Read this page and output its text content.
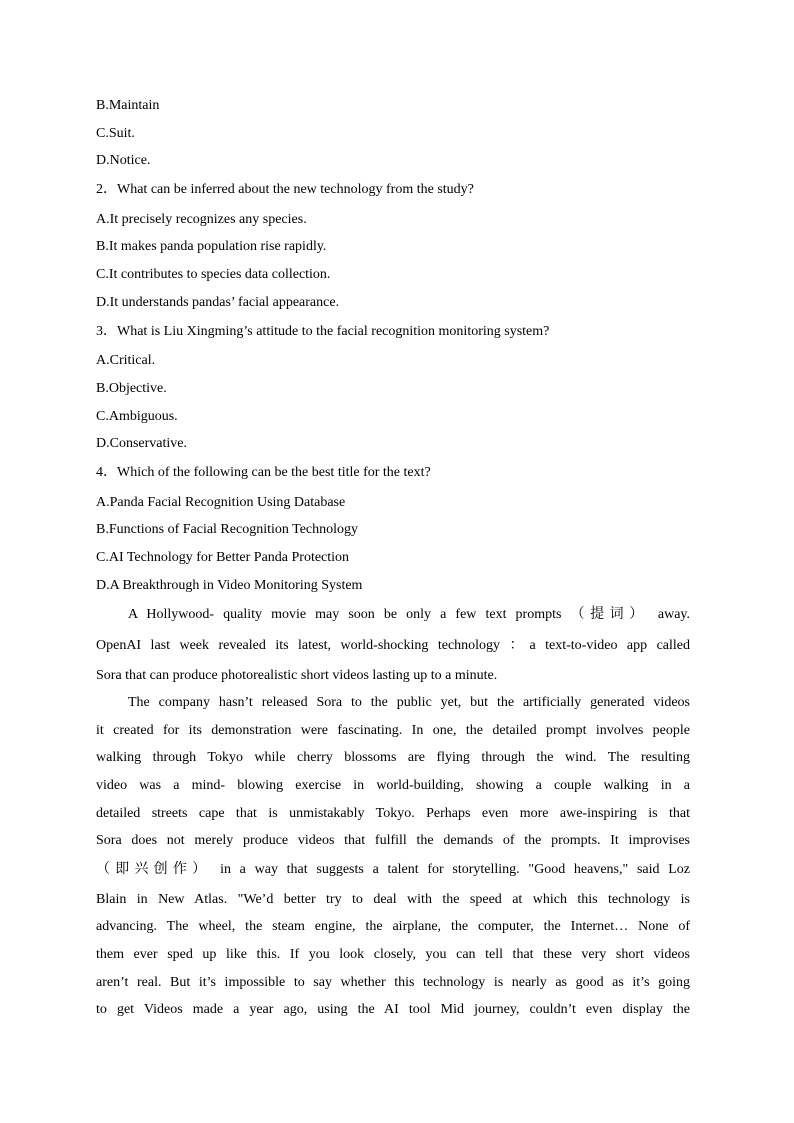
B.Maintain
C.Suit.
D.Notice.
2．What can be inferred about the new technology from the study?
A.It precisely recognizes any species.
B.It makes panda population rise rapidly.
C.It contributes to species data collection.
D.It understands pandas’ facial appearance.
3．What is Liu Xingming’s attitude to the facial recognition monitoring system?
A.Critical.
B.Objective.
C.Ambiguous.
D.Conservative.
4．Which of the following can be the best title for the text?
A.Panda Facial Recognition Using Database
B.Functions of Facial Recognition Technology
C.AI Technology for Better Panda Protection
D.A Breakthrough in Video Monitoring System
A Hollywood- quality movie may soon be only a few text prompts （提词） away.
OpenAI last week revealed its latest, world-shocking technology ：a text-to-video app called
Sora that can produce photorealistic short videos lasting up to a minute.
The company hasn’t released Sora to the public yet, but the artificially generated videos
it created for its demonstration were fascinating. In one, the detailed prompt involves people
walking through Tokyo while cherry blossoms are flying through the wind. The resulting
video was a mind- blowing exercise in world-building, showing a couple walking in a
detailed streets cape that is unmistakably Tokyo. Perhaps even more awe-inspiring is that
Sora does not merely produce videos that fulfill the demands of the prompts. It improvises
（即兴创作） in a way that suggests a talent for storytelling. "Good heavens," said Loz
Blain in New Atlas. "We’d better try to deal with the speed at which this technology is
advancing. The wheel, the steam engine, the airplane, the computer, the Internet… None of
them ever sped up like this. If you look closely, you can tell that these very short videos
aren’t real. But it’s impossible to say whether this technology is nearly as good as it’s going
to get Videos made a year ago, using the AI tool Mid journey, couldn’t even display the
